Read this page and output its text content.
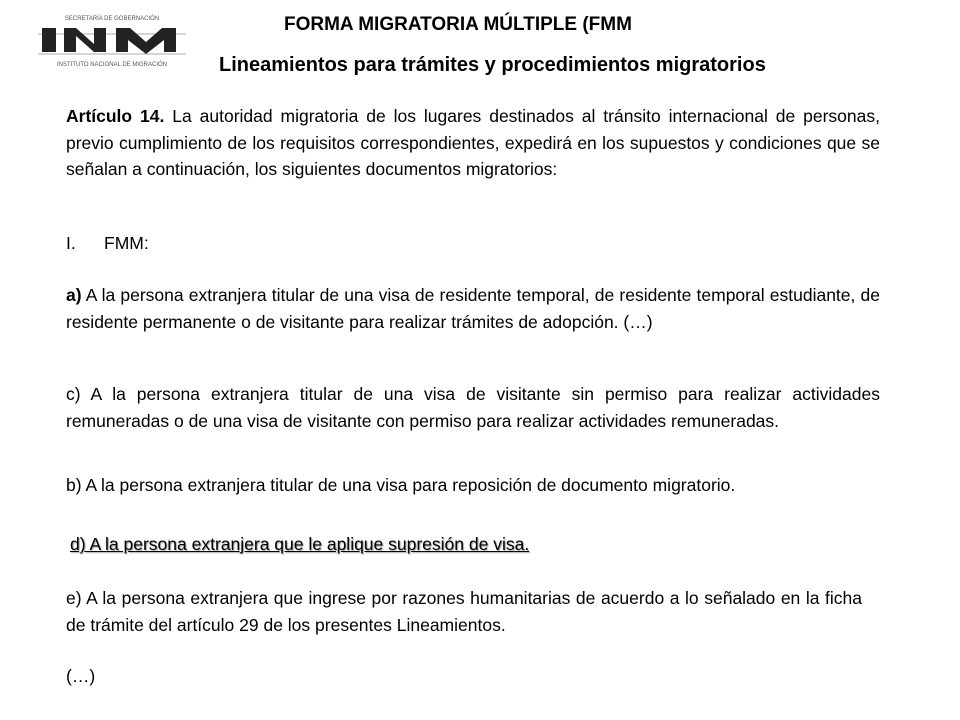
SECRETARÍA DE GOBERNACIÓN
INSTITUTO NACIONAL DE MIGRACIÓN
FORMA MIGRATORIA MÚLTIPLE (FMM
Lineamientos para trámites y procedimientos migratorios

Artículo 14. La autoridad migratoria de los lugares destinados al tránsito internacional de personas, previo cumplimiento de los requisitos correspondientes, expedirá en los supuestos y condiciones que se señalan a continuación, los siguientes documentos migratorios:

I. FMM:

a) A la persona extranjera titular de una visa de residente temporal, de residente temporal estudiante, de residente permanente o de visitante para realizar trámites de adopción. (…)

c) A la persona extranjera titular de una visa de visitante sin permiso para realizar actividades remuneradas o de una visa de visitante con permiso para realizar actividades remuneradas.

b) A la persona extranjera titular de una visa para reposición de documento migratorio.

d) A la persona extranjera que le aplique supresión de visa.

e) A la persona extranjera que ingrese por razones humanitarias de acuerdo a lo señalado en la ficha de trámite del artículo 29 de los presentes Lineamientos.

(…)
